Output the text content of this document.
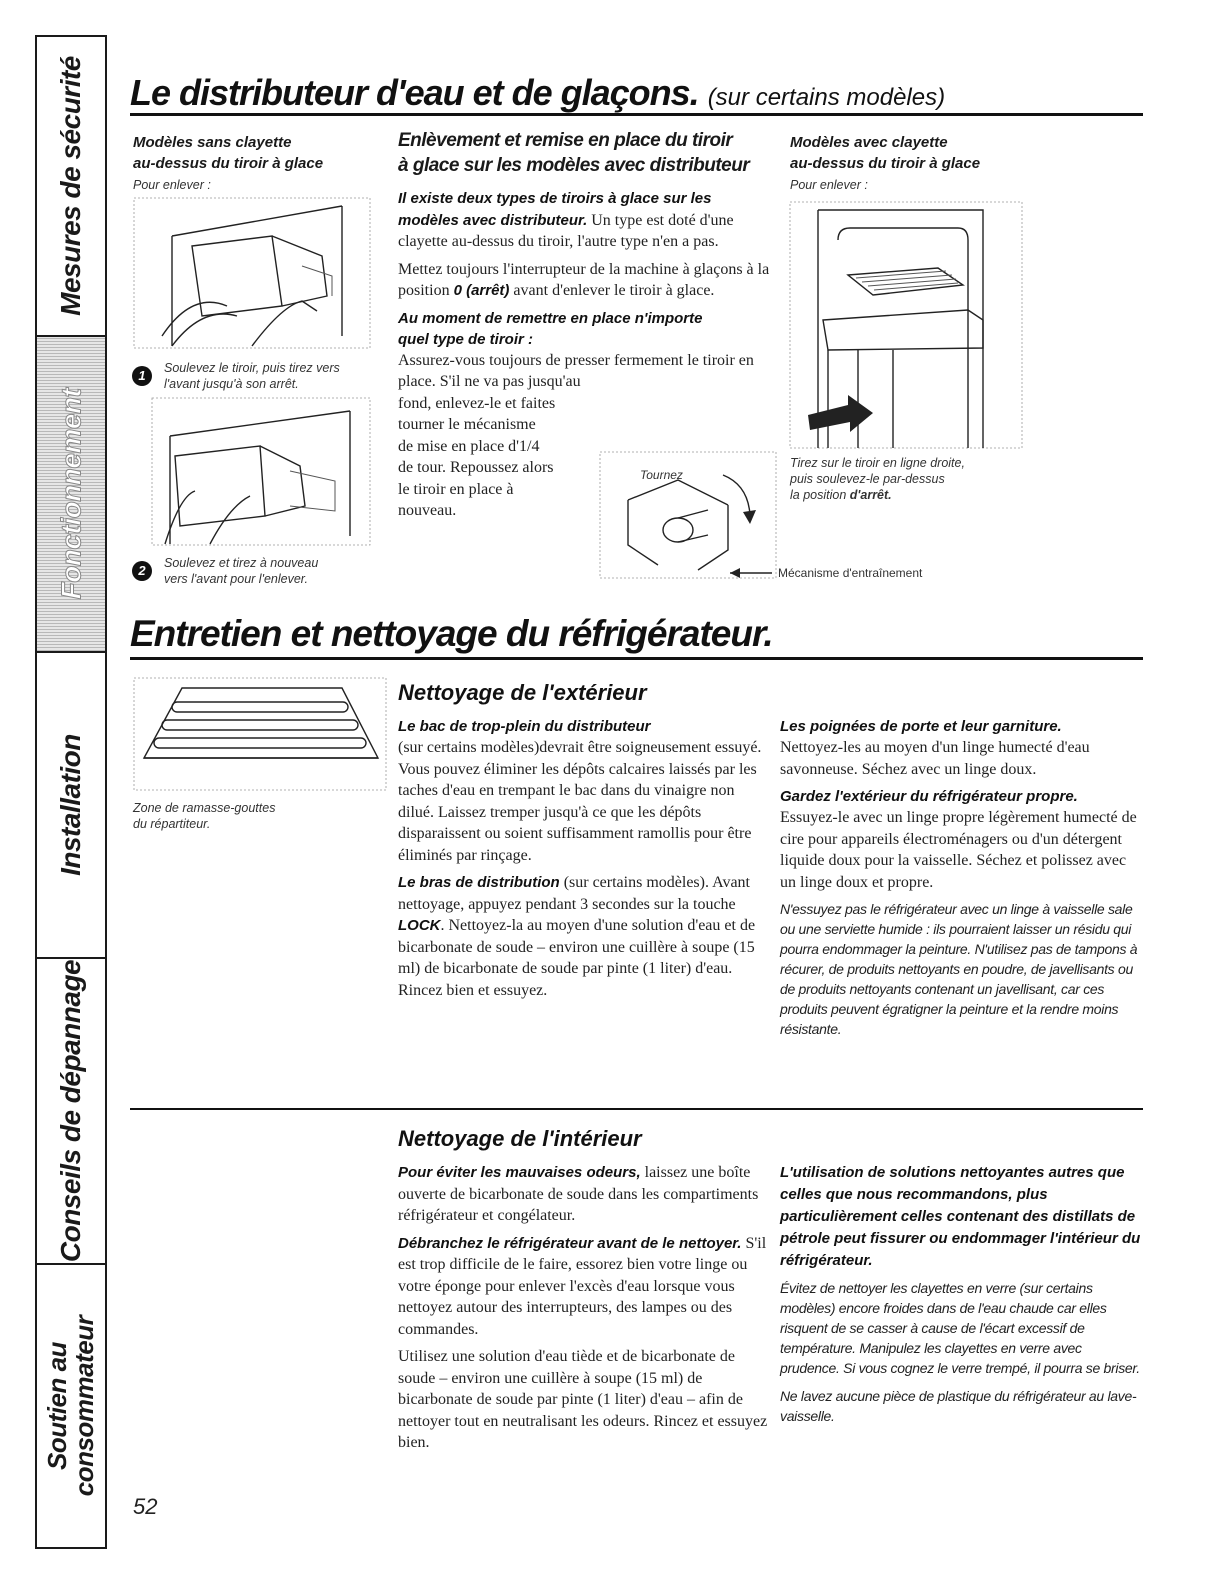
Mesures de sécurité
Fonctionnement
Installation
Conseils de dépannage
Soutien au consommateur
Le distributeur d'eau et de glaçons. (sur certains modèles)
Modèles sans clayette
au-dessus du tiroir à glace
Pour enlever :
1	Soulevez le tiroir, puis tirez vers
l'avant jusqu'à son arrêt.
2	Soulevez et tirez à nouveau
vers l'avant pour l'enlever.
Enlèvement et remise en place du tiroir
à glace sur les modèles avec distributeur

Il existe deux types de tiroirs à glace sur les modèles avec distributeur. Un type est doté d'une clayette au-dessus du tiroir, l'autre type n'en a pas.

Mettez toujours l'interrupteur de la machine à glaçons à la position 0 (arrêt) avant d'enlever le tiroir à glace.

Au moment de remettre en place n'importe
quel type de tiroir :
Assurez-vous toujours de presser fermement le tiroir en place. S'il ne va pas jusqu'au
fond, enlevez-le et faites
tourner le mécanisme
de mise en place d'1/4
de tour. Repoussez alors
le tiroir en place à
nouveau.
Tournez
Mécanisme d'entraînement
Modèles avec clayette
au-dessus du tiroir à glace
Pour enlever :
Tirez sur le tiroir en ligne droite,
puis soulevez-le par-dessus
la position d'arrêt.
Entretien et nettoyage du réfrigérateur.
Zone de ramasse-gouttes
du répartiteur.
Nettoyage de l'extérieur
Le bac de trop-plein du distributeur

(sur certains modèles)devrait être soigneusement essuyé. Vous pouvez éliminer les dépôts calcaires laissés par les taches d'eau en trempant le bac dans du vinaigre non dilué. Laissez tremper jusqu'à ce que les dépôts disparaissent ou soient suffisamment ramollis pour être éliminés par rinçage.

Le bras de distribution (sur certains modèles). Avant nettoyage, appuyez pendant 3 secondes sur la touche LOCK. Nettoyez-la au moyen d'une solution d'eau et de bicarbonate de soude – environ une cuillère à soupe (15 ml) de bicarbonate de soude par pinte (1 liter) d'eau. Rincez bien et essuyez.

Les poignées de porte et leur garniture.

Nettoyez-les au moyen d'un linge humecté d'eau savonneuse. Séchez avec un linge doux.

Gardez l'extérieur du réfrigérateur propre.

Essuyez-le avec un linge propre légèrement humecté de cire pour appareils électroménagers ou d'un détergent liquide doux pour la vaisselle. Séchez et polissez avec un linge doux et propre.

N'essuyez pas le réfrigérateur avec un linge à vaisselle sale ou une serviette humide : ils pourraient laisser un résidu qui pourra endommager la peinture. N'utilisez pas de tampons à récurer, de produits nettoyants en poudre, de javellisants ou de produits nettoyants contenant un javellisant, car ces produits peuvent égratigner la peinture et la rendre moins résistante.
Nettoyage de l'intérieur

Pour éviter les mauvaises odeurs, laissez une boîte ouverte de bicarbonate de soude dans les compartiments réfrigérateur et congélateur.

Débranchez le réfrigérateur avant de le nettoyer. S'il est trop difficile de le faire, essorez bien votre linge ou votre éponge pour enlever l'excès d'eau lorsque vous nettoyez autour des interrupteurs, des lampes ou des commandes.

Utilisez une solution d'eau tiède et de bicarbonate de soude – environ une cuillère à soupe (15 ml) de bicarbonate de soude par pinte (1 liter) d'eau – afin de nettoyer tout en neutralisant les odeurs. Rincez et essuyez bien.

L'utilisation de solutions nettoyantes autres que celles que nous recommandons, plus particulièrement celles contenant des distillats de pétrole peut fissurer ou endommager l'intérieur du réfrigérateur.

Évitez de nettoyer les clayettes en verre (sur certains modèles) encore froides dans de l'eau chaude car elles risquent de se casser à cause de l'écart excessif de température. Manipulez les clayettes en verre avec prudence. Si vous cognez le verre trempé, il pourra se briser.
Ne lavez aucune pièce de plastique du réfrigérateur au lave-vaisselle.
52
